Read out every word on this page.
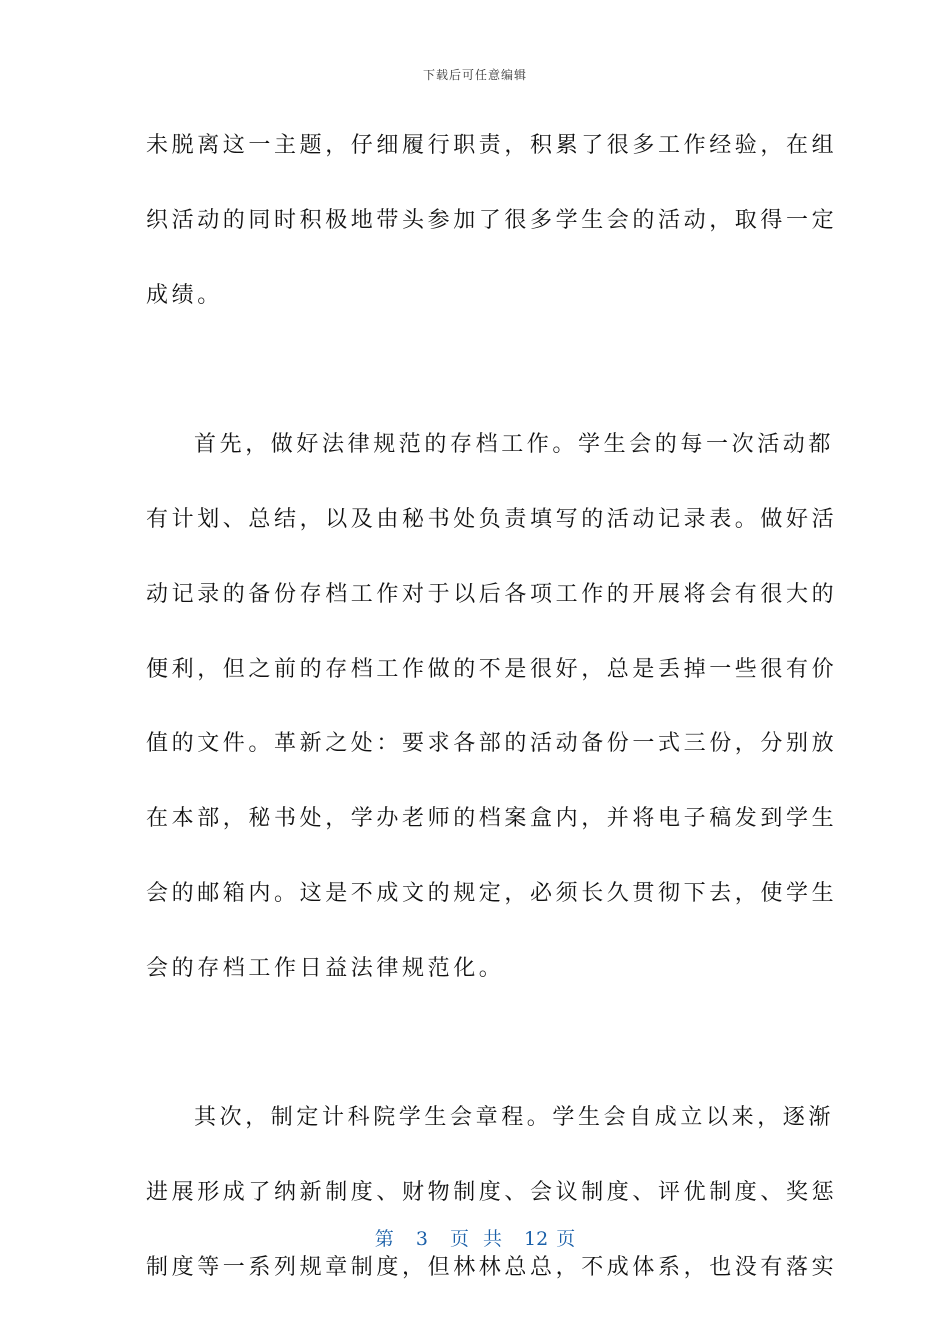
下载后可任意编辑
未脱离这一主题，仔细履行职责，积累了很多工作经验，在组
织活动的同时积极地带头参加了很多学生会的活动，取得一定
成绩。
首先，做好法律规范的存档工作。学生会的每一次活动都
有计划、总结，以及由秘书处负责填写的活动记录表。做好活
动记录的备份存档工作对于以后各项工作的开展将会有很大的
便利，但之前的存档工作做的不是很好，总是丢掉一些很有价
值的文件。革新之处：要求各部的活动备份一式三份，分别放
在本部，秘书处，学办老师的档案盒内，并将电子稿发到学生
会的邮箱内。这是不成文的规定，必须长久贯彻下去，使学生
会的存档工作日益法律规范化。
其次，制定计科院学生会章程。学生会自成立以来，逐渐
进展形成了纳新制度、财物制度、会议制度、评优制度、奖惩
制度等一系列规章制度，但林林总总，不成体系，也没有落实
第 3 页 共 12 页
